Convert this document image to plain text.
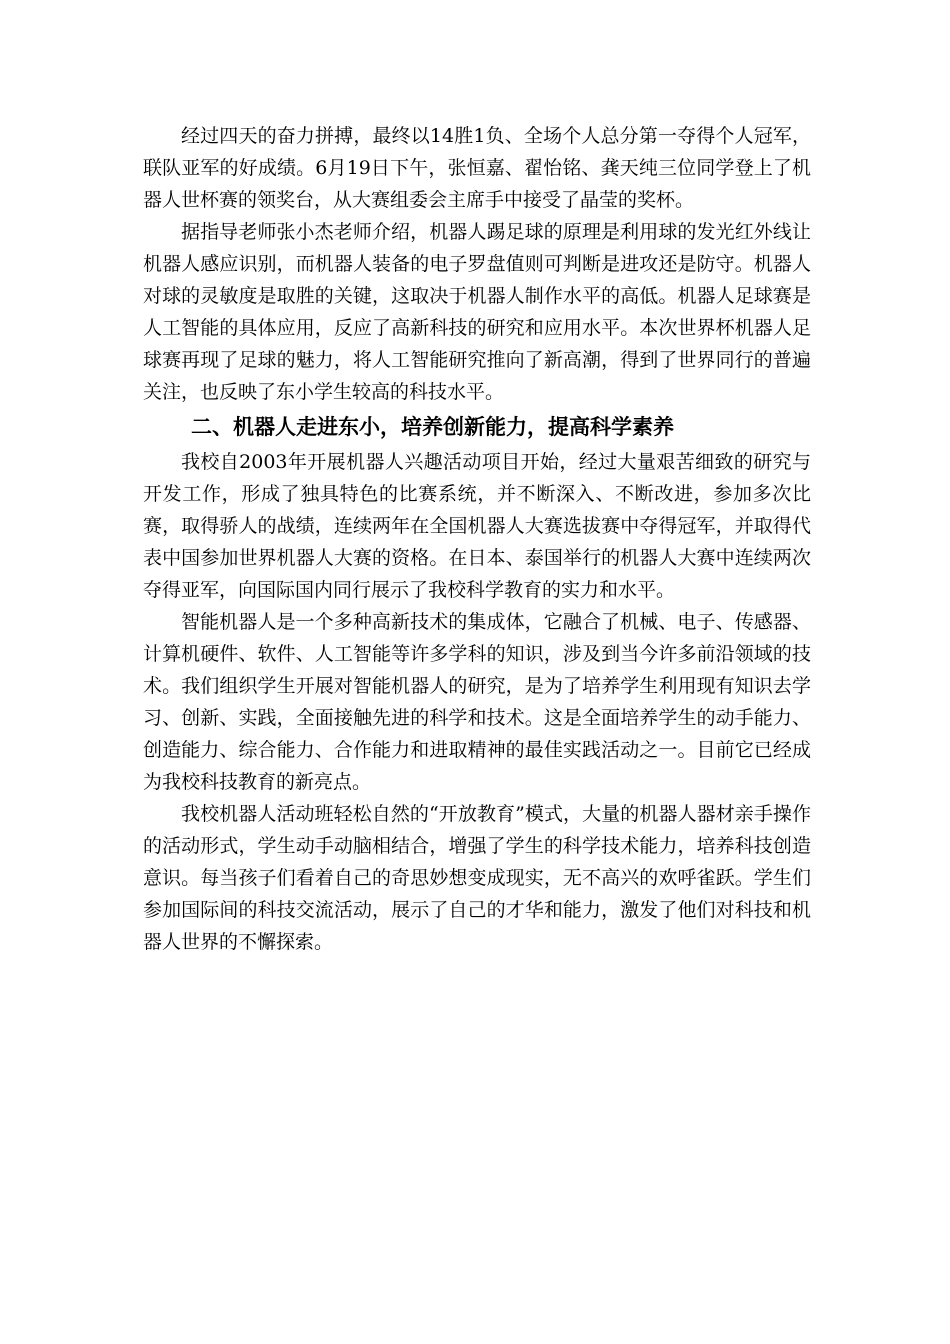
经过四天的奋力拼搏，最终以14胜1负、全场个人总分第一夺得个人冠军，联队亚军的好成绩。6月19日下午，张恒嘉、翟怡铭、龚天纯三位同学登上了机器人世杯赛的领奖台，从大赛组委会主席手中接受了晶莹的奖杯。

据指导老师张小杰老师介绍，机器人踢足球的原理是利用球的发光红外线让机器人感应识别，而机器人装备的电子罗盘值则可判断是进攻还是防守。机器人对球的灵敏度是取胜的关键，这取决于机器人制作水平的高低。机器人足球赛是人工智能的具体应用，反应了高新科技的研究和应用水平。本次世界杯机器人足球赛再现了足球的魅力，将人工智能研究推向了新高潮，得到了世界同行的普遍关注，也反映了东小学生较高的科技水平。

二、机器人走进东小，培养创新能力，提高科学素养

我校自2003年开展机器人兴趣活动项目开始，经过大量艰苦细致的研究与开发工作，形成了独具特色的比赛系统，并不断深入、不断改进，参加多次比赛，取得骄人的战绩，连续两年在全国机器人大赛选拔赛中夺得冠军，并取得代表中国参加世界机器人大赛的资格。在日本、泰国举行的机器人大赛中连续两次夺得亚军，向国际国内同行展示了我校科学教育的实力和水平。

智能机器人是一个多种高新技术的集成体，它融合了机械、电子、传感器、计算机硬件、软件、人工智能等许多学科的知识，涉及到当今许多前沿领域的技术。我们组织学生开展对智能机器人的研究，是为了培养学生利用现有知识去学习、创新、实践，全面接触先进的科学和技术。这是全面培养学生的动手能力、创造能力、综合能力、合作能力和进取精神的最佳实践活动之一。目前它已经成为我校科技教育的新亮点。

我校机器人活动班轻松自然的“开放教育”模式，大量的机器人器材亲手操作的活动形式，学生动手动脑相结合，增强了学生的科学技术能力，培养科技创造意识。每当孩子们看着自己的奇思妙想变成现实，无不高兴的欢呼雀跃。学生们参加国际间的科技交流活动，展示了自己的才华和能力，激发了他们对科技和机器人世界的不懈探索。
